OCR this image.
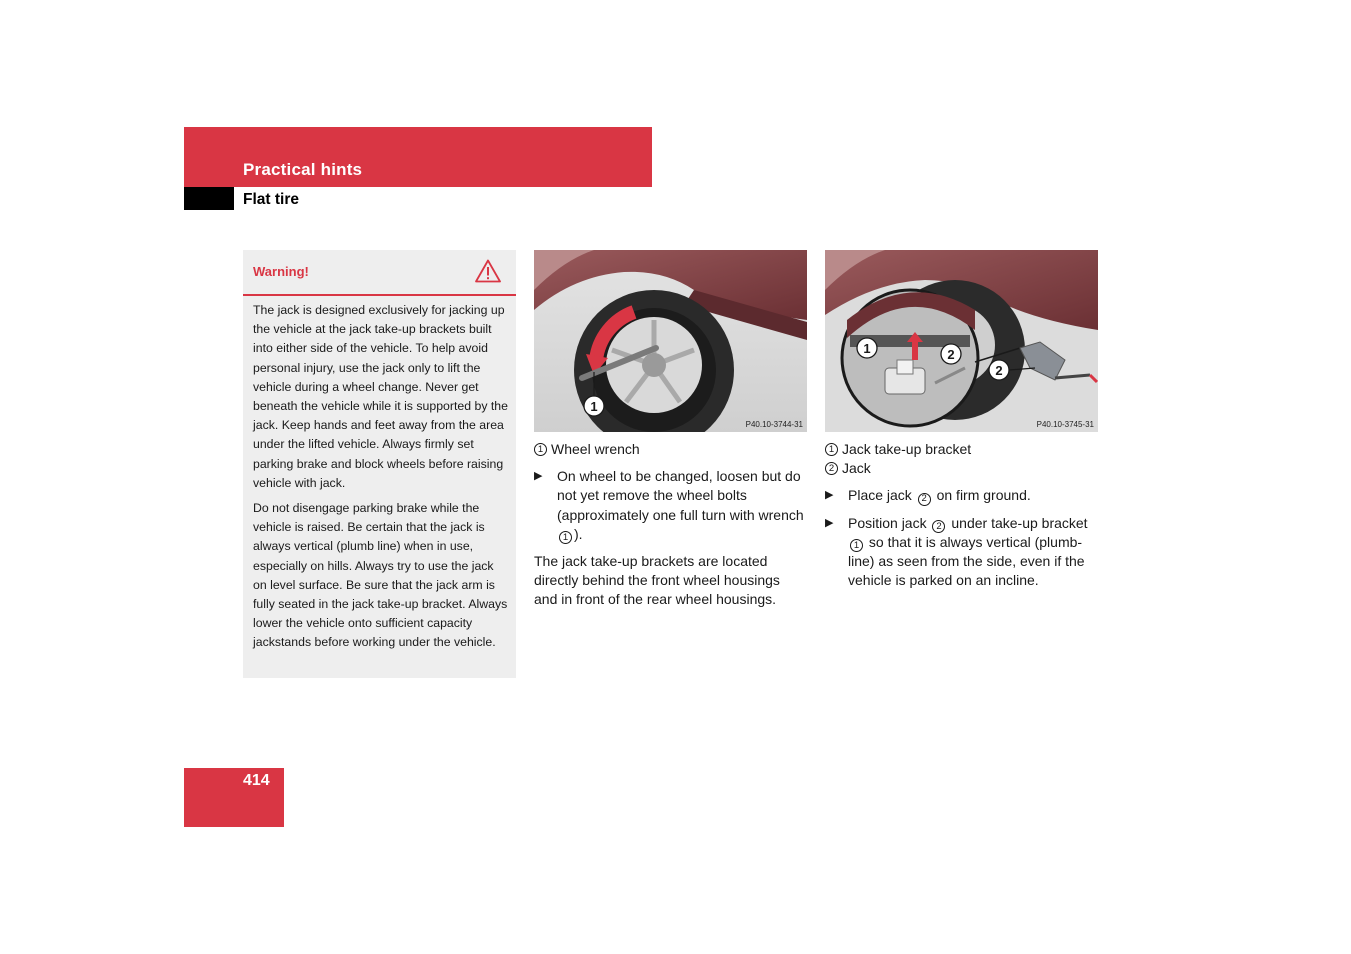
Practical hints
Flat tire
Warning!

The jack is designed exclusively for jacking up the vehicle at the jack take-up brackets built into either side of the vehicle. To help avoid personal injury, use the jack only to lift the vehicle during a wheel change. Never get beneath the vehicle while it is supported by the jack. Keep hands and feet away from the area under the lifted vehicle. Always firmly set parking brake and block wheels before raising vehicle with jack.

Do not disengage parking brake while the vehicle is raised. Be certain that the jack is always vertical (plumb line) when in use, especially on hills. Always try to use the jack on level surface. Be sure that the jack arm is fully seated in the jack take-up bracket. Always lower the vehicle onto sufficient capacity jackstands before working under the vehicle.

1
P40.10-3744-31
1	2
2
P40.10-3745-31
1 Wheel wrench
▶ On wheel to be changed, loosen but do not yet remove the wheel bolts (approximately one full turn with wrench 1 ).

The jack take-up brackets are located directly behind the front wheel housings and in front of the rear wheel housings.

1 Jack take-up bracket
2 Jack
▶ Place jack 2 on firm ground.
▶ Position jack 2 under take-up bracket 1 so that it is always vertical (plumb-line) as seen from the side, even if the vehicle is parked on an incline.
414
